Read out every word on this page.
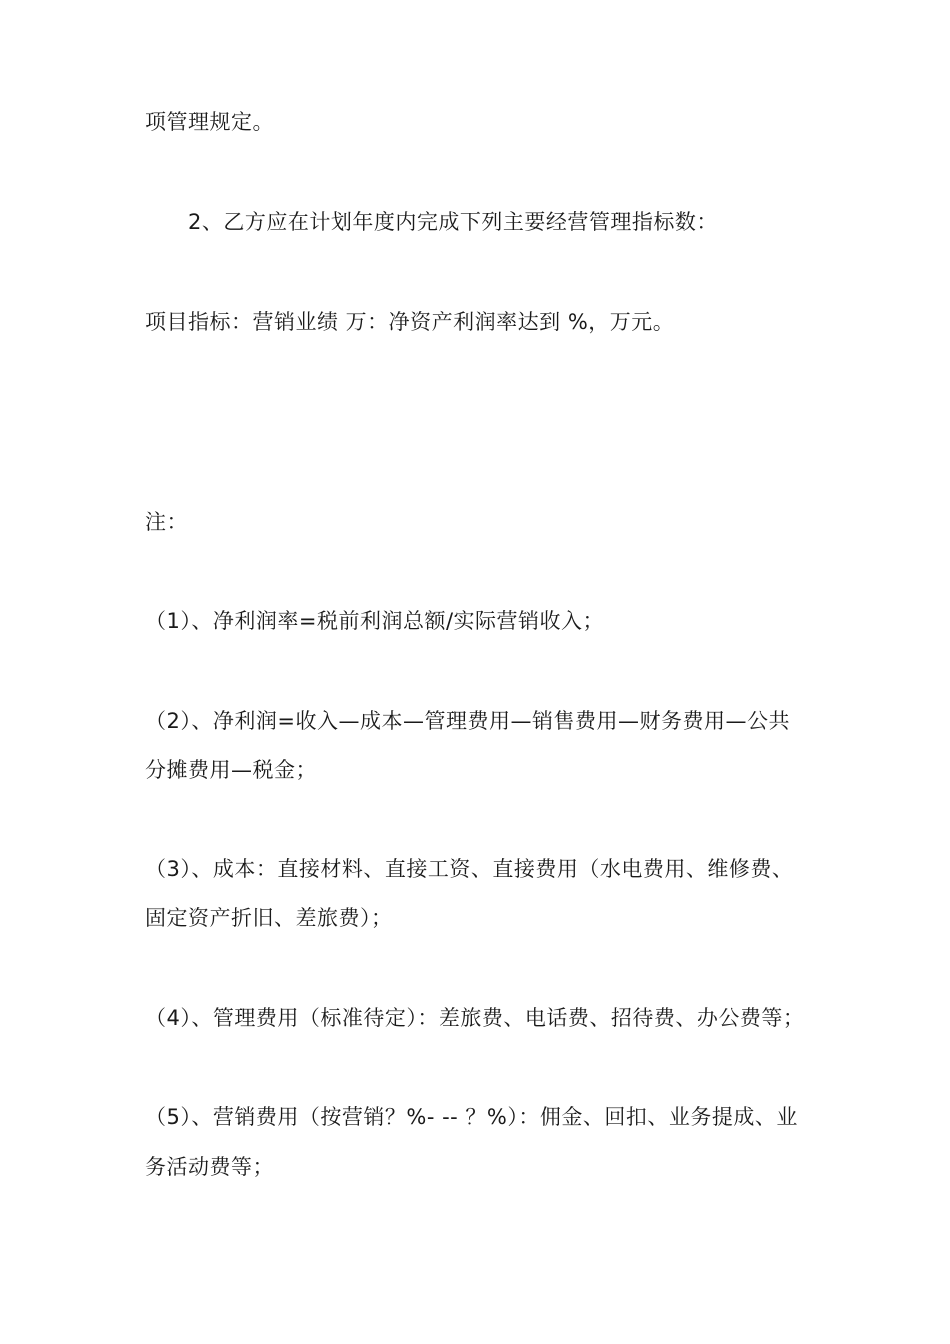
项管理规定。
2、乙方应在计划年度内完成下列主要经营管理指标数：
项目指标：营销业绩 万：净资产利润率达到 %，万元。
注：
（1）、净利润率=税前利润总额/实际营销收入；
（2）、净利润=收入—成本—管理费用—销售费用—财务费用—公共
分摊费用—税金；
（3）、成本：直接材料、直接工资、直接费用（水电费用、维修费、
固定资产折旧、差旅费）；
（4）、管理费用（标准待定）：差旅费、电话费、招待费、办公费等；
（5）、营销费用（按营销？%- -- ？%）：佣金、回扣、业务提成、业
务活动费等；
